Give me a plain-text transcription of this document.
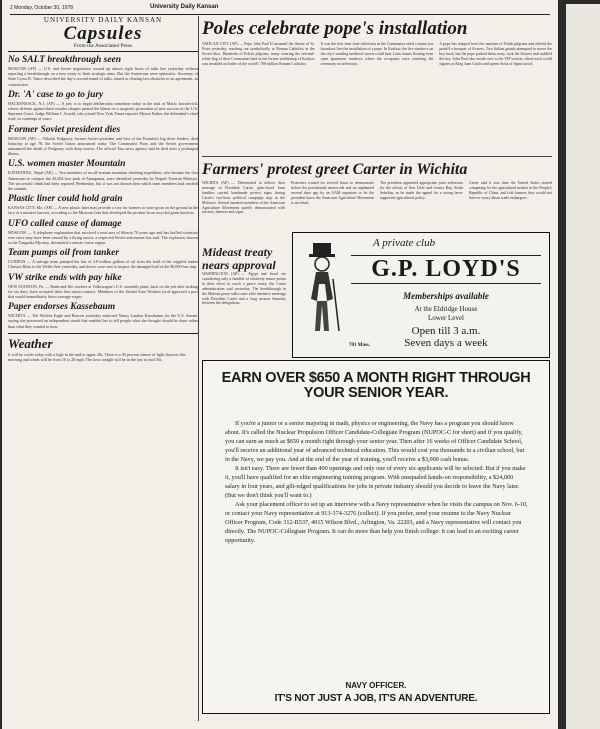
2 Monday, October 30, 1978	University Daily Kansan
UNIVERSITY DAILY KANSAN
Capsules
From the Associated Press
No SALT breakthrough seen

MOSCOW (AP) — U.S. and Soviet negotiators wound up almost eight hours of talks late yesterday without reporting a breakthrough on a new treaty to limit strategic arms. But the Americans were optimistic. Secretary of State Cyrus R. Vance described the day's second round of talks, aimed at clearing last obstacles to an agreement, as constructive.

Dr. 'A' case to go to jury

HACKENSACK, N.J. (AP) — A jury is to begin deliberation sometime today in the trial of Mario Jascalevich, whose defense against three murder charges pinned the blame on a surgeon's promotion of new success in the U.S. Supreme Court. Judge William J. Arnold, who joined New York Times reporter Myron Farber, the defendant's chief rival, in contempt of court.

Former Soviet president dies

MOSCOW (AP) — Nikolai Podgorny, former Soviet president and first of the Kremlin's big three leaders, died Saturday at age 78, the Soviet Union announced today. The Communist Party and the Soviet government announced the death of Podgorny with deep sorrow. The official Tass news agency said he died after a prolonged illness.

U.S. women master Mountain

KATMANDU, Nepal (AP) — Two members of an all-woman mountain climbing expedition, who became the first Americans to conquer the 26,504-foot peak of Annapurna, were identified yesterday by Nepal's Tourism Ministry. The successful climb had been reported Wednesday, but it was not known then which team members had reached the summit.

Plastic liner could hold grain

KANSAS CITY, Mo. (AP) — A new plastic liner may provide a way for farmers to store grain on the ground in the face of a massive harvest, according to the Missouri firm that developed the product from recycled grain harvests.

UFO called cause of damage

MOSCOW — A telephone explanation that survived a neat area of Siberia 70 years ago and has baffled scientists ever since may have been caused by a flying saucer, a respected Soviet astronomer has said. The explosion, known as the Tunguska Mystery, devastated a remote forest region.

Team pumps oil from tanker

LONDON — A salvage team pumped the last of 4.8 million gallons of oil from the hold of the crippled tanker Christos Bitas to the Welsh fleet yesterday, and divers were sent to inspect the damaged hull of the 96,000-ton ship.

VW strike ends with pay hike

NEW STANTON, Pa. — Rank-and-file workers at Volkswagen's U.S. assembly plant, back on the job after striking for six days, have accepted their first union contract. Members of the United Auto Workers local approved a pact that would immediately boost average wages.

Paper endorses Kassebaum

WICHITA — The Wichita Eagle and Beacon yesterday endorsed Nancy Landon Kassebaum for the U.S. Senate, saying she possessed an independent streak that enabled her to tell people what she thought should be done rather than what they wanted to hear.

Weather

It will be cooler today with a high in the mid to upper 40s. There is a 30 percent chance of light showers this morning and winds will be from 10 to 20 mph. The lows tonight will be in the low to mid 30s.

Poles celebrate pope's installation

VATICAN CITY (AP) — Pope John Paul II assumed the throne of St. Peter yesterday, reaching out symbolically to Roman Catholics in the Soviet bloc. Hundreds of Polish pilgrims, many wearing the red-and-white flag of their Communist land as the former archbishop of Krakow was installed as leader of the world's 700 million Roman Catholics.

It was the first time state television in the Communist ruled country has broadcast live the installation of a pope. In Krakow, the fire windows on the city's winding medieval streets could hear Latin chants floating from open apartment windows where the occupants were watching the ceremony on television.

A pope has stepped from the sanctum of Polish pilgrims and offered the pontiff a bouquet of flowers. Two Italian guards attempted to move the boy back, but the pope pushed them away, took the flowers and cuddled the boy. John Paul also strode over to the VIP section, where such world figures as King Juan Carlos and queen Sofia of Spain stood.

Farmers' protest greet Carter in Wichita

WICHITA (AP) — Determined to deliver their message to President Carter, grim-faced farm families carried handmade protest signs during Carter's two-hour political campaign stop in the Midwest. Several hundred members of the American Agriculture Movement quietly demonstrated with tractors, banners and signs.

Protesters waited for several hours to demonstrate before the presidential motorcade and an unplanned several days ago by an AAM organizer to let the president know the American Agriculture Movement is not dead.

The president appended appropriate prior selections for the efforts of Sen. Dole and former Rep. Keith Sebelius, as he made the appeal for a strong farm-supported agricultural policy.

Carter said it was time the United States started competing for the agricultural market in the People's Republic of China, and told farmers they would not have to worry about trade embargoes.

Mideast treaty nears approval

WASHINGTON (AP) — Egypt and Israel are considering only a handful of relatively minor points in their effort to reach a peace treaty, the Carter administration said yesterday. The breakthrough in the Mideast peace talks came after intensive meetings with President Carter and a long session Saturday between the delegations.

A private club
G.P. LOYD'S
Memberships available
At the Eldridge House
Lower Level
Open till 3 a.m.
Seven days a week
701 Mass.
EARN OVER $650 A MONTH RIGHT THROUGH YOUR SENIOR YEAR.

If you're a junior or a senior majoring in math, physics or engineering, the Navy has a program you should know about. It's called the Nuclear Propulsion Officer Candidate-Collegiate Program (NUPOC-C for short) and if you qualify, you can earn as much as $650 a month right through your senior year. Then after 16 weeks of Officer Candidate School, you'll receive an additional year of advanced technical education. This would cost you thousands in a civilian school, but in the Navy, we pay you. And at the end of the year of training, you'll receive a $3,000 cash bonus.

It isn't easy. There are fewer than 400 openings and only one of every six applicants will be selected. But if you make it, you'll have qualified for an elite engineering training program. With unequaled hands-on responsibility, a $24,000 salary in four years, and gilt-edged qualifications for jobs in private industry should you decide to leave the Navy later. (But we don't think you'll want to.)

Ask your placement officer to set up an interview with a Navy representative when he visits the campus on Nov. 6-10, or contact your Navy representative at 913-374-3276 (collect). If you prefer, send your resume to the Navy Nuclear Officer Program, Code 312-B537, 4015 Wilson Blvd., Arlington, Va. 22203, and a Navy representative will contact you directly. The NUPOC-Collegiate Program. It can do more than help you finish college: it can lead to an exciting career opportunity.

NAVY OFFICER.
IT'S NOT JUST A JOB, IT'S AN ADVENTURE.
